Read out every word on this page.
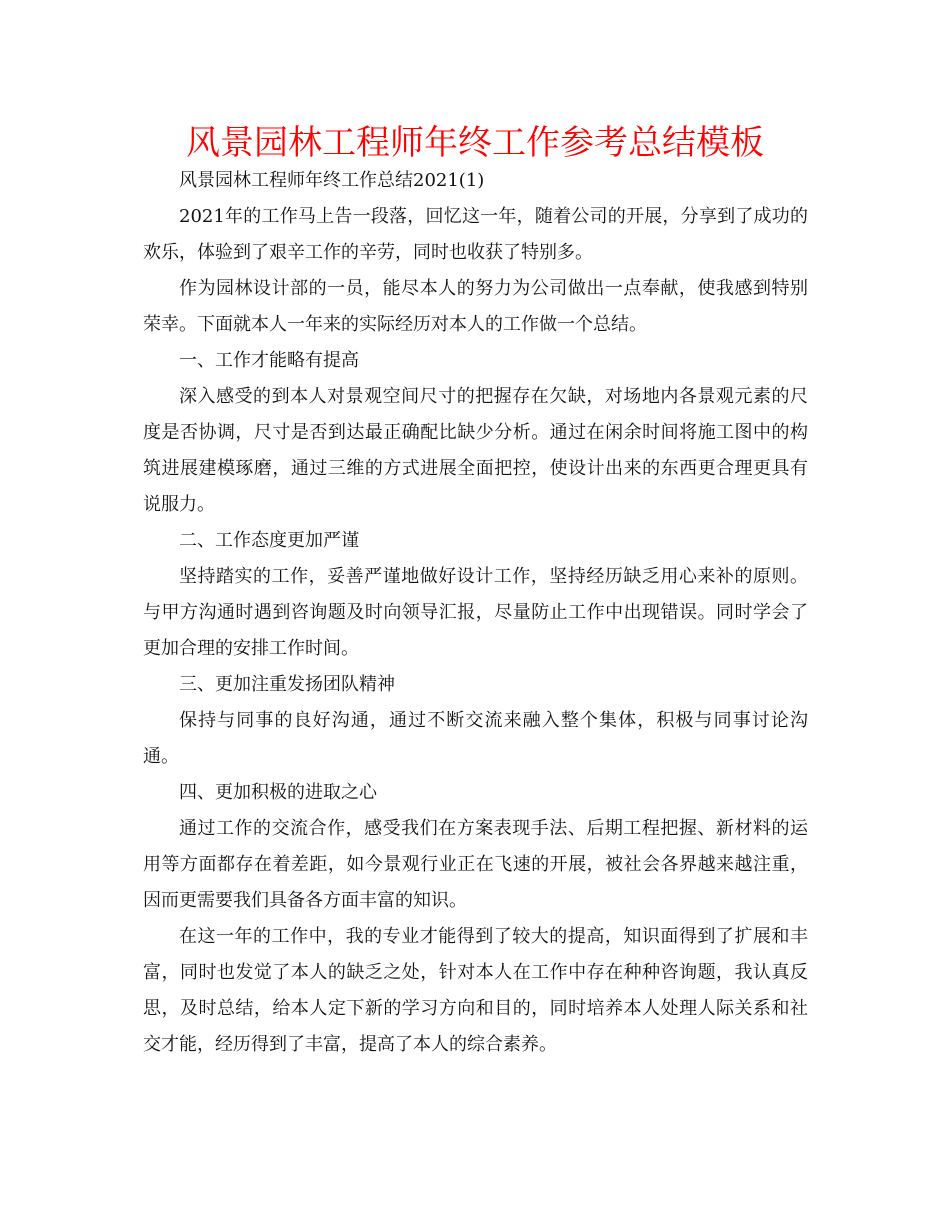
风景园林工程师年终工作参考总结模板

风景园林工程师年终工作总结2021(1)

2021年的工作马上告一段落，回忆这一年，随着公司的开展，分享到了成功的欢乐，体验到了艰辛工作的辛劳，同时也收获了特别多。

作为园林设计部的一员，能尽本人的努力为公司做出一点奉献，使我感到特别荣幸。下面就本人一年来的实际经历对本人的工作做一个总结。

一、工作才能略有提高

深入感受的到本人对景观空间尺寸的把握存在欠缺，对场地内各景观元素的尺度是否协调，尺寸是否到达最正确配比缺少分析。通过在闲余时间将施工图中的构筑进展建模琢磨，通过三维的方式进展全面把控，使设计出来的东西更合理更具有说服力。

二、工作态度更加严谨

坚持踏实的工作，妥善严谨地做好设计工作，坚持经历缺乏用心来补的原则。与甲方沟通时遇到咨询题及时向领导汇报，尽量防止工作中出现错误。同时学会了更加合理的安排工作时间。

三、更加注重发扬团队精神

保持与同事的良好沟通，通过不断交流来融入整个集体，积极与同事讨论沟通。

四、更加积极的进取之心

通过工作的交流合作，感受我们在方案表现手法、后期工程把握、新材料的运用等方面都存在着差距，如今景观行业正在飞速的开展，被社会各界越来越注重，因而更需要我们具备各方面丰富的知识。

在这一年的工作中，我的专业才能得到了较大的提高，知识面得到了扩展和丰富，同时也发觉了本人的缺乏之处，针对本人在工作中存在种种咨询题，我认真反思，及时总结，给本人定下新的学习方向和目的，同时培养本人处理人际关系和社交才能，经历得到了丰富，提高了本人的综合素养。
